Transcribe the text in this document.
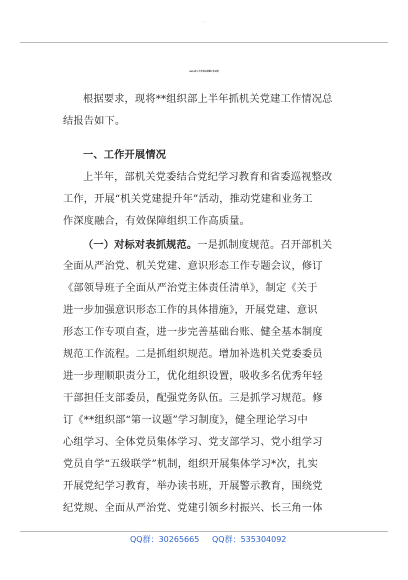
2024年上半年机关党建工作总结
根据要求，现将**组织部上半年抓机关党建工作情况总
结报告如下。
一、工作开展情况
上半年，部机关党委结合党纪学习教育和省委巡视整改
工作，开展“机关党建提升年”活动，推动党建和业务工
作深度融合，有效保障组织工作高质量。
（一）对标对表抓规范。一是抓制度规范。召开部机关
全面从严治党、机关党建、意识形态工作专题会议，修订
《部领导班子全面从严治党主体责任清单》，制定《关于
进一步加强意识形态工作的具体措施》，开展党建、意识
形态工作专项自查，进一步完善基础台账、健全基本制度
规范工作流程。二是抓组织规范。增加补选机关党委委员
进一步理顺职责分工，优化组织设置，吸收多名优秀年轻
干部担任支部委员，配强党务队伍。三是抓学习规范。修
订《**组织部“第一议题”学习制度》，健全理论学习中
心组学习、全体党员集体学习、党支部学习、党小组学习
党员自学“五级联学”机制，组织开展集体学习*次，扎实
开展党纪学习教育，举办读书班，开展警示教育，围绕党
纪党规、全面从严治党、党建引领乡村振兴、长三角一体
QQ群：30265665 QQ群：535304092
